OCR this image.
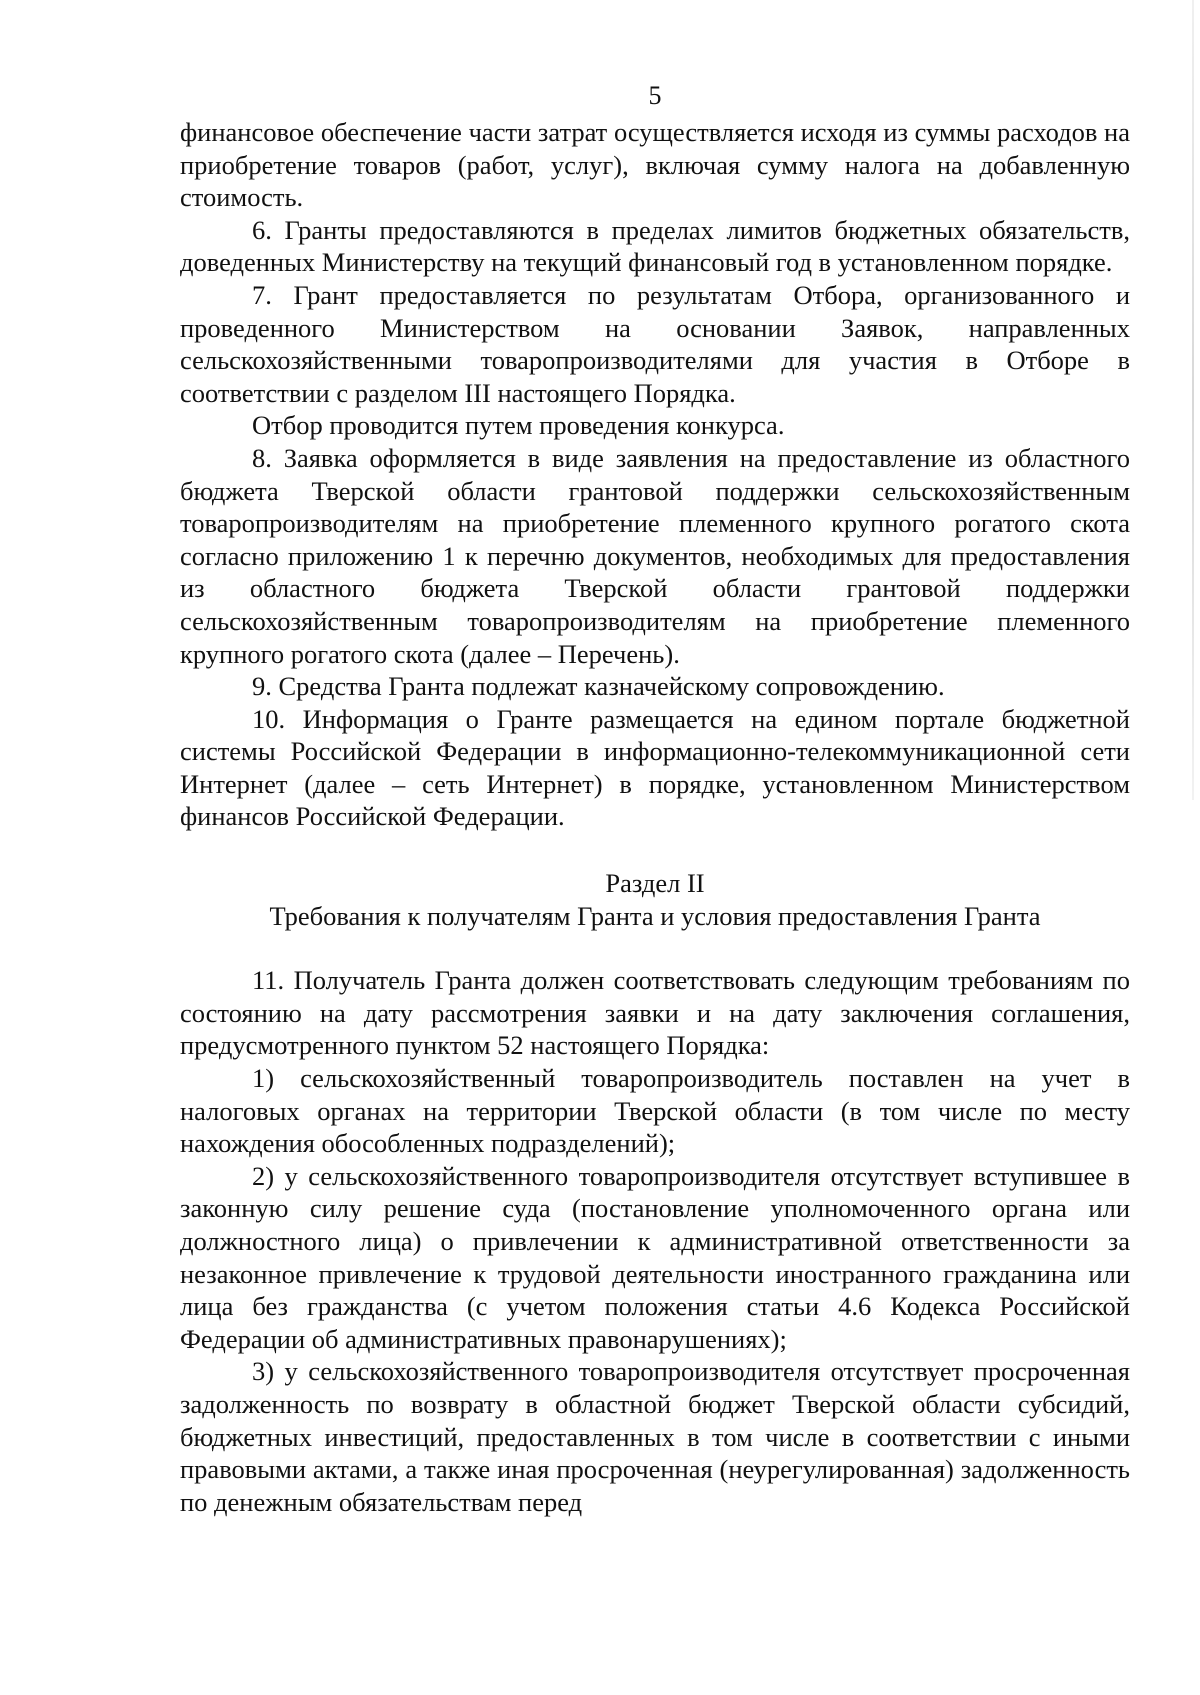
5

финансовое обеспечение части затрат осуществляется исходя из суммы расходов на приобретение товаров (работ, услуг), включая сумму налога на добавленную стоимость.

6. Гранты предоставляются в пределах лимитов бюджетных обязательств, доведенных Министерству на текущий финансовый год в установленном порядке.

7. Грант предоставляется по результатам Отбора, организованного и проведенного Министерством на основании Заявок, направленных сельскохозяйственными товаропроизводителями для участия в Отборе в соответствии с разделом III настоящего Порядка.

Отбор проводится путем проведения конкурса.

8. Заявка оформляется в виде заявления на предоставление из областного бюджета Тверской области грантовой поддержки сельскохозяйственным товаропроизводителям на приобретение племенного крупного рогатого скота согласно приложению 1 к перечню документов, необходимых для предоставления из областного бюджета Тверской области грантовой поддержки сельскохозяйственным товаропроизводителям на приобретение племенного крупного рогатого скота (далее – Перечень).

9. Средства Гранта подлежат казначейскому сопровождению.

10. Информация о Гранте размещается на едином портале бюджетной системы Российской Федерации в информационно-телекоммуникационной сети Интернет (далее – сеть Интернет) в порядке, установленном Министерством финансов Российской Федерации.

Раздел II
Требования к получателям Гранта и условия предоставления Гранта

11. Получатель Гранта должен соответствовать следующим требованиям по состоянию на дату рассмотрения заявки и на дату заключения соглашения, предусмотренного пунктом 52 настоящего Порядка:

1) сельскохозяйственный товаропроизводитель поставлен на учет в налоговых органах на территории Тверской области (в том числе по месту нахождения обособленных подразделений);

2) у сельскохозяйственного товаропроизводителя отсутствует вступившее в законную силу решение суда (постановление уполномоченного органа или должностного лица) о привлечении к административной ответственности за незаконное привлечение к трудовой деятельности иностранного гражданина или лица без гражданства (с учетом положения статьи 4.6 Кодекса Российской Федерации об административных правонарушениях);

3) у сельскохозяйственного товаропроизводителя отсутствует просроченная задолженность по возврату в областной бюджет Тверской области субсидий, бюджетных инвестиций, предоставленных в том числе в соответствии с иными правовыми актами, а также иная просроченная (неурегулированная) задолженность по денежным обязательствам перед
